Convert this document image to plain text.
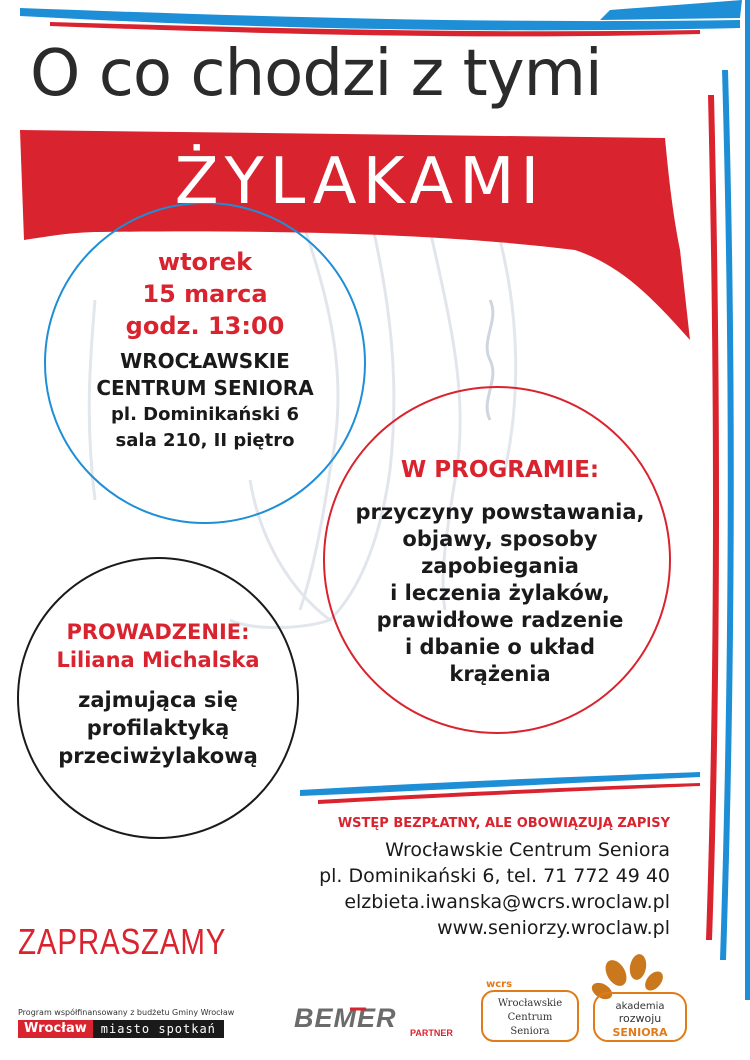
O co chodzi z tymi
ŻYLAKAMI
wtorek
15 marca
godz. 13:00
WROCŁAWSKIE
CENTRUM SENIORA
pl. Dominikański 6
sala 210, II piętro
W PROGRAMIE:
przyczyny powstawania,
objawy, sposoby
zapobiegania
i leczenia żylaków,
prawidłowe radzenie
i dbanie o układ
krążenia
PROWADZENIE:
Liliana Michalska
zajmująca się
profilaktyką
przeciwżylakową
WSTĘP BEZPŁATNY, ALE OBOWIĄZUJĄ ZAPISY
Wrocławskie Centrum Seniora
pl. Dominikański 6, tel. 71 772 49 40
elzbieta.iwanska@wcrs.wroclaw.pl
www.seniorzy.wroclaw.pl
ZAPRASZAMY
Program współfinansowany z budżetu Gminy Wrocław
Wrocław	miasto spotkań	BEMER PARTNER
wcrs
Wrocławskie
Centrum
Seniora
akademia
rozwoju
SENIORA
